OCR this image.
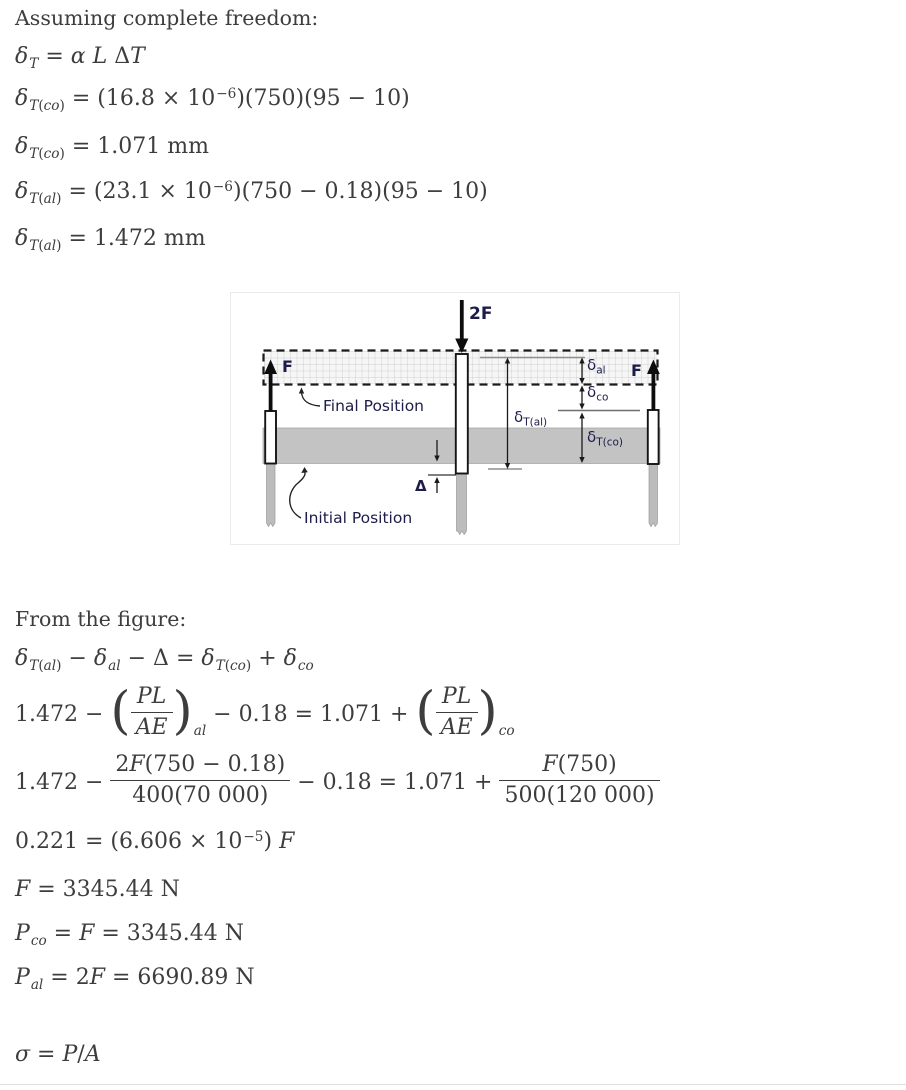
Assuming complete freedom:
$\delta_T = \alpha$ L ΔT
$\delta_{T(co)} = (16.8 \times 10^{-6})(750)(95 - 10)$
$\delta_{T(co)} = 1.071$ mm
$\delta_{T(al)} = (23.1 \times 10^{-6})(750 - 0.18)(95 - 10)$
$\delta_{T(al)} = 1.472$ mm
2F
F	F
Final Position
Initial Position
Δ
$\delta_{al}$
$\delta_{co}$
$\delta_{T(al)}$
$\delta_{T(co)}$
From the figure:
$\delta_{T(al)} - \delta_{al} - \Delta = \delta_{T(co)} + \delta_{co}$
1.472 − ( $\frac{PL}{AE} )_{al} - 0.18 = 1.071$ + ( $\frac{PL}{AE} )_{co}$
$1.472 - \frac{2F(750 - 0.18)}{400(70 000)} - 0.18 = 1.071 + \frac{F(750)}{500(120 000)}$
$0.221 = (6.606 \times 10^{-5})$ F
F = 3345.44 N
$P_{co} = F = 3345.44$ N
$P_{al} = 2F = 6690.89$ N
σ = P/A
